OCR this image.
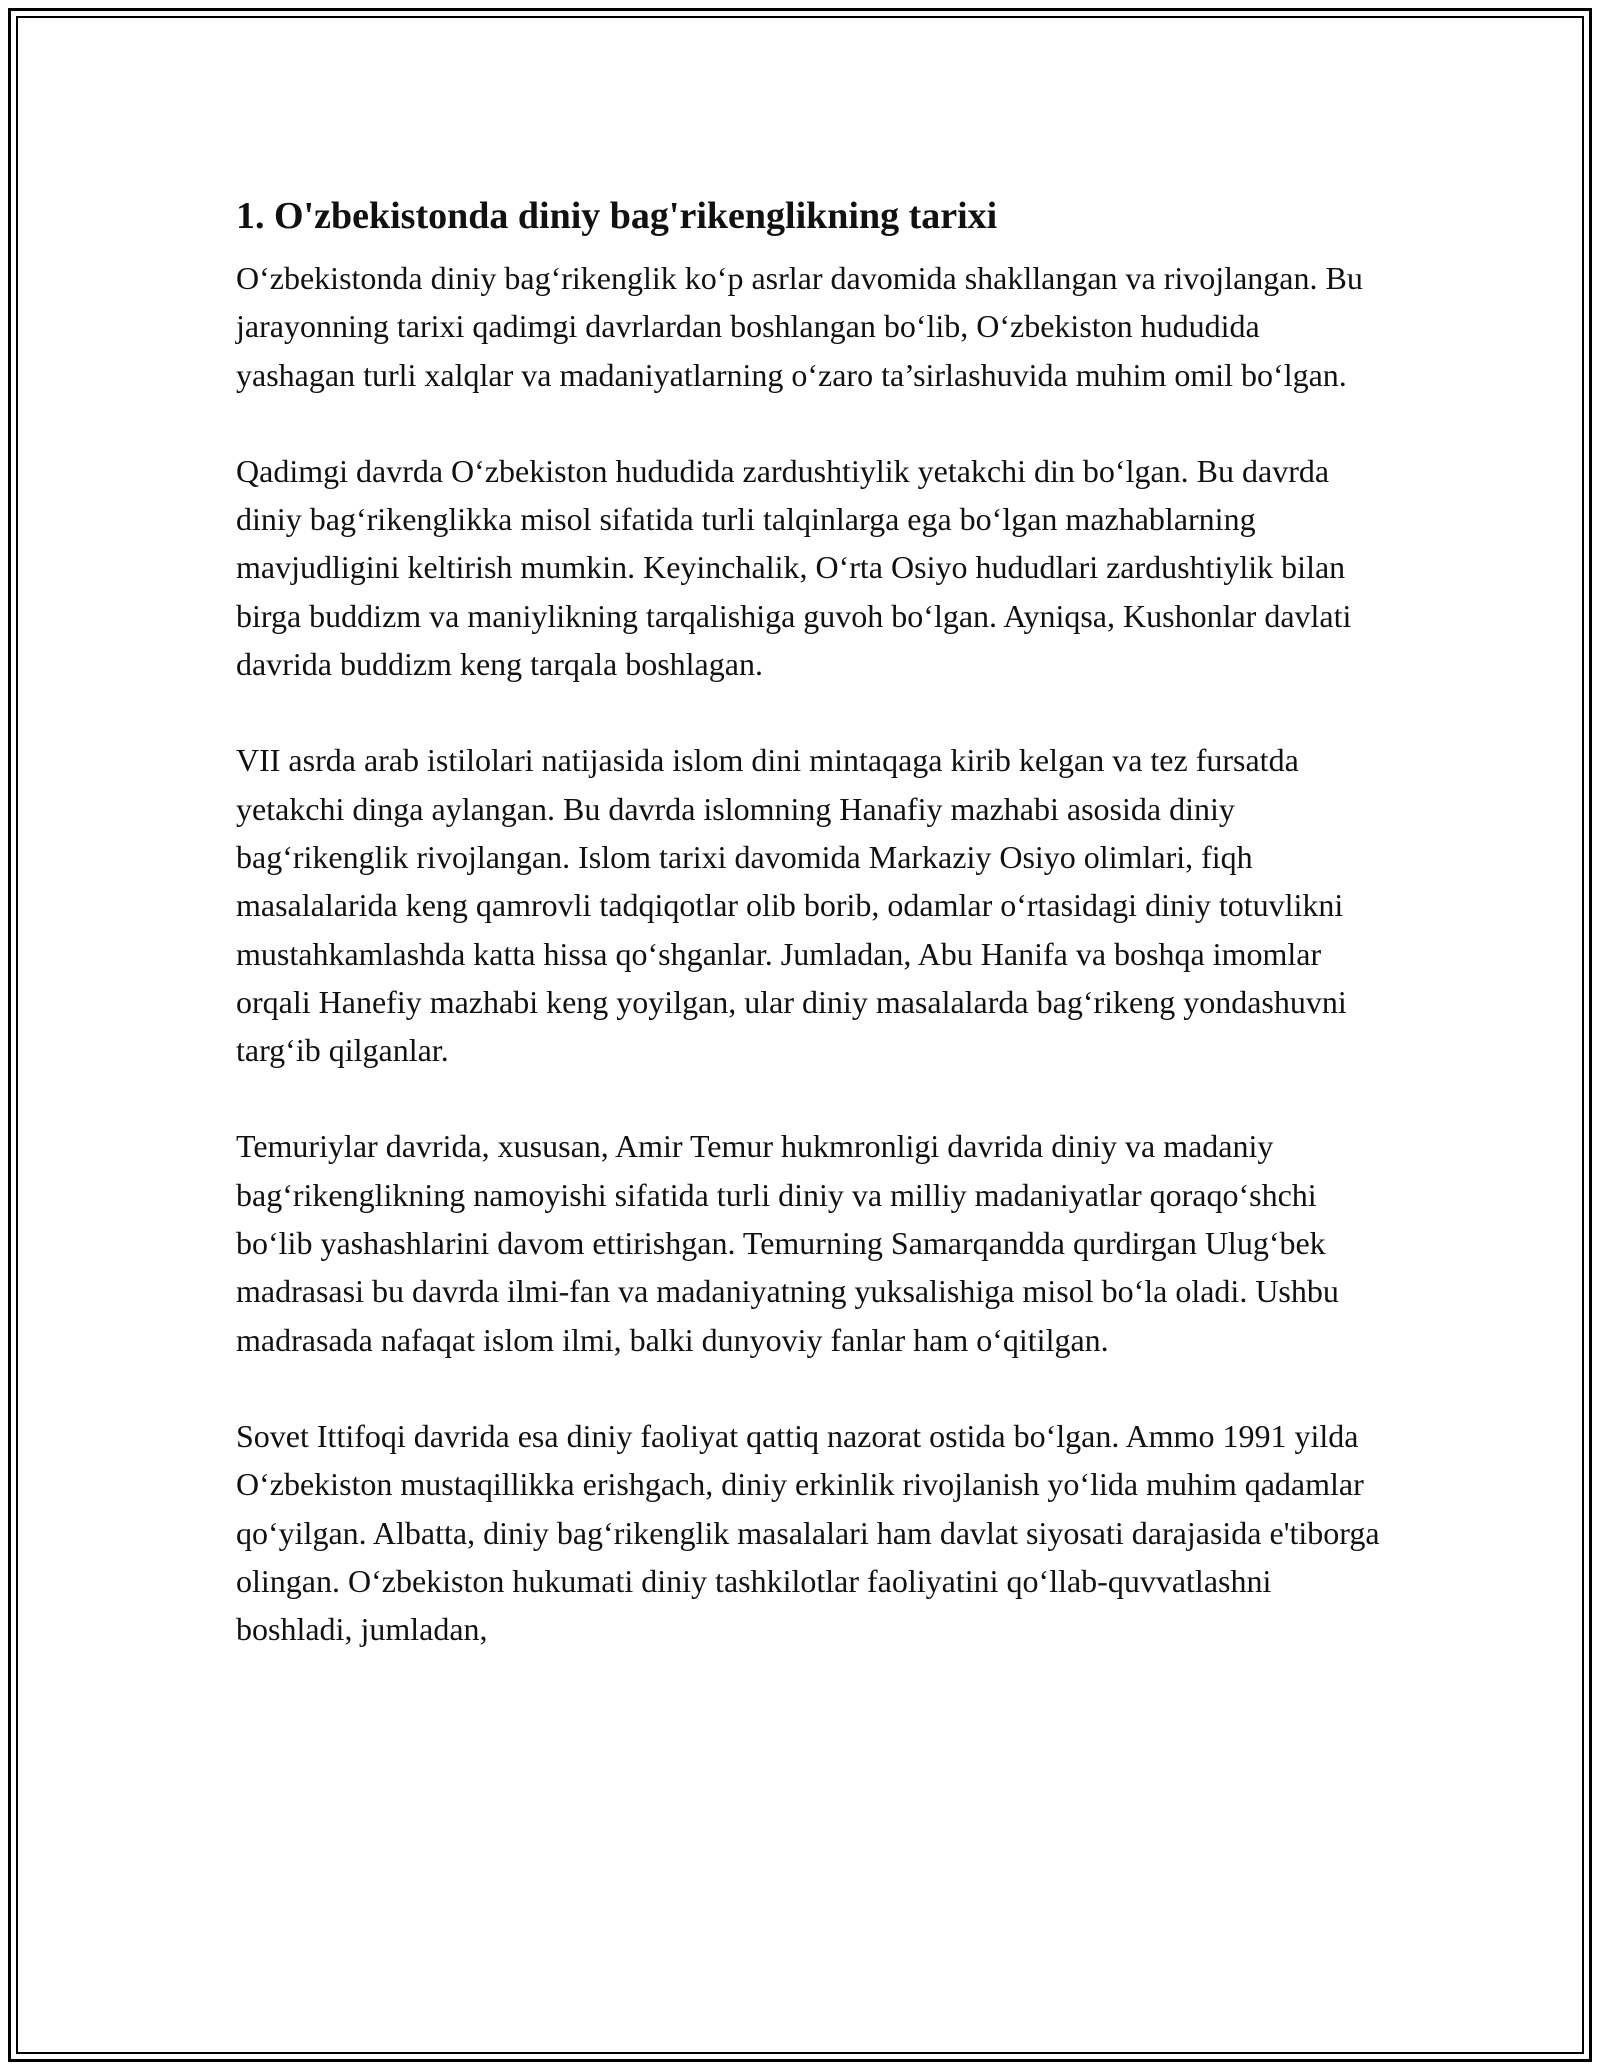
1. O'zbekistonda diniy bag'rikenglikning tarixi

O‘zbekistonda diniy bag‘rikenglik ko‘p asrlar davomida shakllangan va rivojlangan. Bu jarayonning tarixi qadimgi davrlardan boshlangan bo‘lib, O‘zbekiston hududida yashagan turli xalqlar va madaniyatlarning o‘zaro ta’sirlashuvida muhim omil bo‘lgan.

Qadimgi davrda O‘zbekiston hududida zardushtiylik yetakchi din bo‘lgan. Bu davrda diniy bag‘rikenglikka misol sifatida turli talqinlarga ega bo‘lgan mazhablarning mavjudligini keltirish mumkin. Keyinchalik, O‘rta Osiyo hududlari zardushtiylik bilan birga buddizm va maniylikning tarqalishiga guvoh bo‘lgan. Ayniqsa, Kushonlar davlati davrida buddizm keng tarqala boshlagan.

VII asrda arab istilolari natijasida islom dini mintaqaga kirib kelgan va tez fursatda yetakchi dinga aylangan. Bu davrda islomning Hanafiy mazhabi asosida diniy bag‘rikenglik rivojlangan. Islom tarixi davomida Markaziy Osiyo olimlari, fiqh masalalarida keng qamrovli tadqiqotlar olib borib, odamlar o‘rtasidagi diniy totuvlikni mustahkamlashda katta hissa qo‘shganlar. Jumladan, Abu Hanifa va boshqa imomlar orqali Hanefiy mazhabi keng yoyilgan, ular diniy masalalarda bag‘rikeng yondashuvni targ‘ib qilganlar.

Temuriylar davrida, xususan, Amir Temur hukmronligi davrida diniy va madaniy bag‘rikenglikning namoyishi sifatida turli diniy va milliy madaniyatlar qoraqo‘shchi bo‘lib yashashlarini davom ettirishgan. Temurning Samarqandda qurdirgan Ulug‘bek madrasasi bu davrda ilmi-fan va madaniyatning yuksalishiga misol bo‘la oladi. Ushbu madrasada nafaqat islom ilmi, balki dunyoviy fanlar ham o‘qitilgan.

Sovet Ittifoqi davrida esa diniy faoliyat qattiq nazorat ostida bo‘lgan. Ammo 1991 yilda O‘zbekiston mustaqillikka erishgach, diniy erkinlik rivojlanish yo‘lida muhim qadamlar qo‘yilgan. Albatta, diniy bag‘rikenglik masalalari ham davlat siyosati darajasida e'tiborga olingan. O‘zbekiston hukumati diniy tashkilotlar faoliyatini qo‘llab-quvvatlashni boshladi, jumladan,
